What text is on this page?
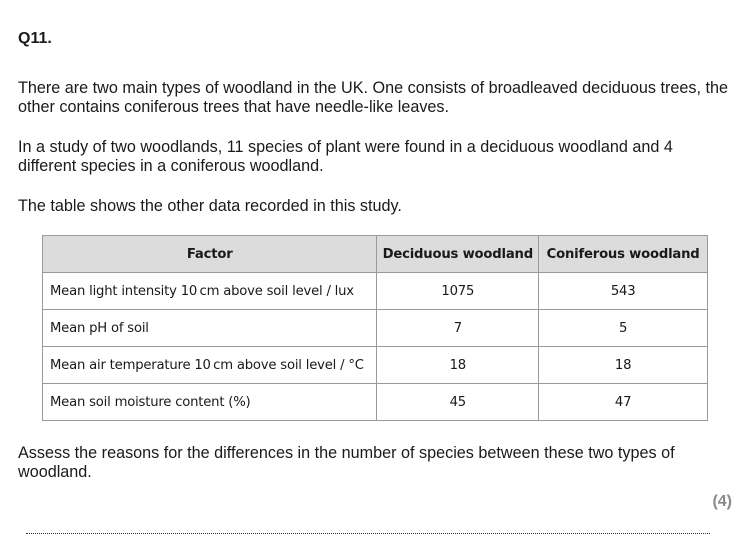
Q11.

There are two main types of woodland in the UK. One consists of broadleaved deciduous trees, the other contains coniferous trees that have needle-like leaves.

In a study of two woodlands, 11 species of plant were found in a deciduous woodland and 4 different species in a coniferous woodland.

The table shows the other data recorded in this study.

Factor	Deciduous woodland	Coniferous woodland
Mean light intensity 10 cm above soil level / lux	1075	543
Mean pH of soil	7	5
Mean air temperature 10 cm above soil level / °C	18	18
Mean soil moisture content (%)	45	47

Assess the reasons for the differences in the number of species between these two types of woodland.

(4)
